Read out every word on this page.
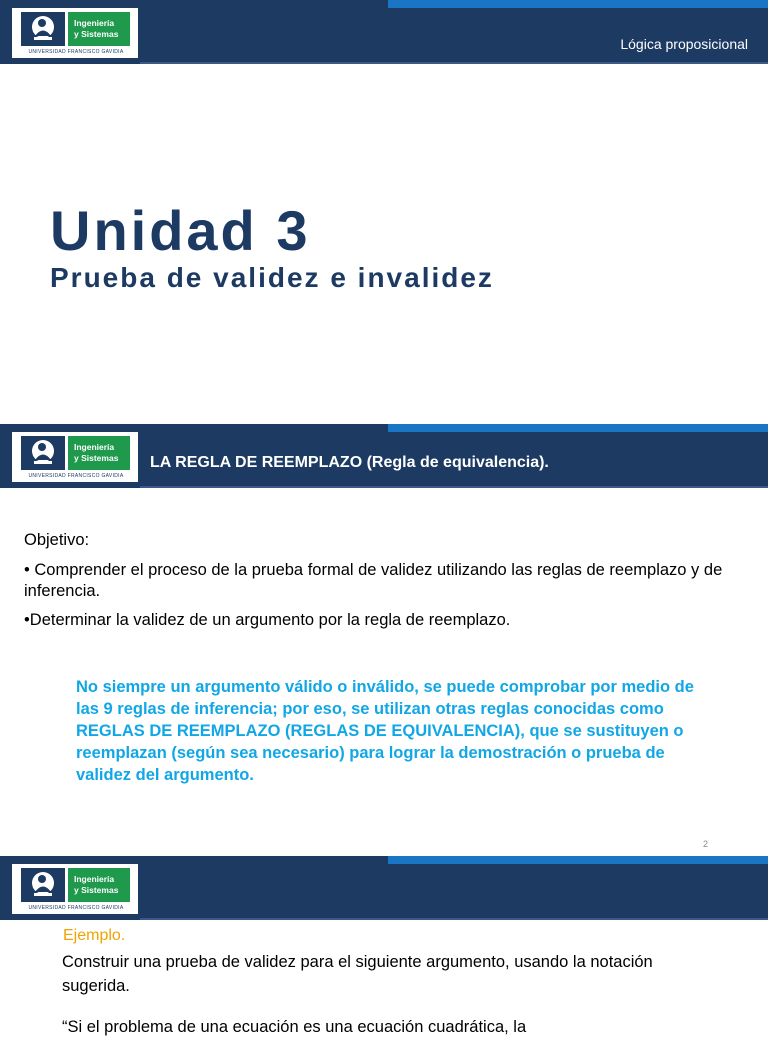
Ingeniería
y Sistemas
UNIVERSIDAD FRANCISCO GAVIDIA	Lógica proposicional
Unidad 3
Prueba de validez e invalidez
Ingeniería
y Sistemas
UNIVERSIDAD FRANCISCO GAVIDIA
LA REGLA DE REEMPLAZO (Regla de equivalencia).

Objetivo:

• Comprender el proceso de la prueba formal de validez utilizando las reglas de reemplazo y de inferencia.

•Determinar la validez de un argumento por la regla de reemplazo.

No siempre un argumento válido o inválido, se puede comprobar por medio de las 9 reglas de inferencia; por eso, se utilizan otras reglas conocidas como REGLAS DE REEMPLAZO (REGLAS DE EQUIVALENCIA), que se sustituyen o reemplazan (según sea necesario) para lograr la demostración o prueba de validez del argumento.
2
Ingeniería
y Sistemas
UNIVERSIDAD FRANCISCO GAVIDIA
Ejemplo.
Construir una prueba de validez para el siguiente argumento, usando la notación sugerida.
“Si el problema de una ecuación es una ecuación cuadrática, la
